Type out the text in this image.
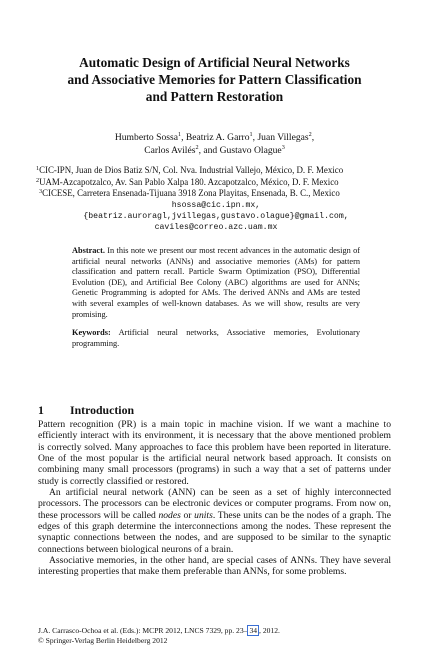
Automatic Design of Artificial Neural Networks
and Associative Memories for Pattern Classification
and Pattern Restoration
Humberto Sossa$^1$, Beatriz A. Garro$^1$, Juan Villegas$^2$,
Carlos Avilés$^2$, and Gustavo Olague$^3$
$^1$CIC-IPN, Juan de Dios Batiz S/N, Col. Nva. Industrial Vallejo, México, D. F. Mexico
$^2$UAM-Azcapotzalco, Av. San Pablo Xalpa 180. Azcapotzalco, México, D. F. Mexico
$^3$CICESE, Carretera Ensenada-Tijuana 3918 Zona Playitas, Ensenada, B. C., Mexico
hsossa@cic.ipn.mx,
{beatriz.auroragl,jvillegas,gustavo.olague}@gmail.com,
caviles@correo.azc.uam.mx

Abstract. In this note we present our most recent advances in the automatic design of artificial neural networks (ANNs) and associative memories (AMs) for pattern classification and pattern recall. Particle Swarm Optimization (PSO), Differential Evolution (DE), and Artificial Bee Colony (ABC) algorithms are used for ANNs; Genetic Programming is adopted for AMs. The derived ANNs and AMs are tested with several examples of well-known databases. As we will show, results are very promising.

Keywords: Artificial neural networks, Associative memories, Evolutionary programming.

1 Introduction

Pattern recognition (PR) is a main topic in machine vision. If we want a machine to efficiently interact with its environment, it is necessary that the above mentioned problem is correctly solved. Many approaches to face this problem have been reported in literature. One of the most popular is the artificial neural network based approach. It consists on combining many small processors (programs) in such a way that a set of patterns under study is correctly classified or restored.

An artificial neural network (ANN) can be seen as a set of highly interconnected processors. The processors can be electronic devices or computer programs. From now on, these processors will be called nodes or units. These units can be the nodes of a graph. The edges of this graph determine the interconnections among the nodes. These represent the synaptic connections between the nodes, and are supposed to be similar to the synaptic connections between biological neurons of a brain.

Associative memories, in the other hand, are special cases of ANNs. They have several interesting properties that make them preferable than ANNs, for some problems.

J.A. Carrasco-Ochoa et al. (Eds.): MCPR 2012, LNCS 7329, pp. 23– 34 , 2012.
© Springer-Verlag Berlin Heidelberg 2012
